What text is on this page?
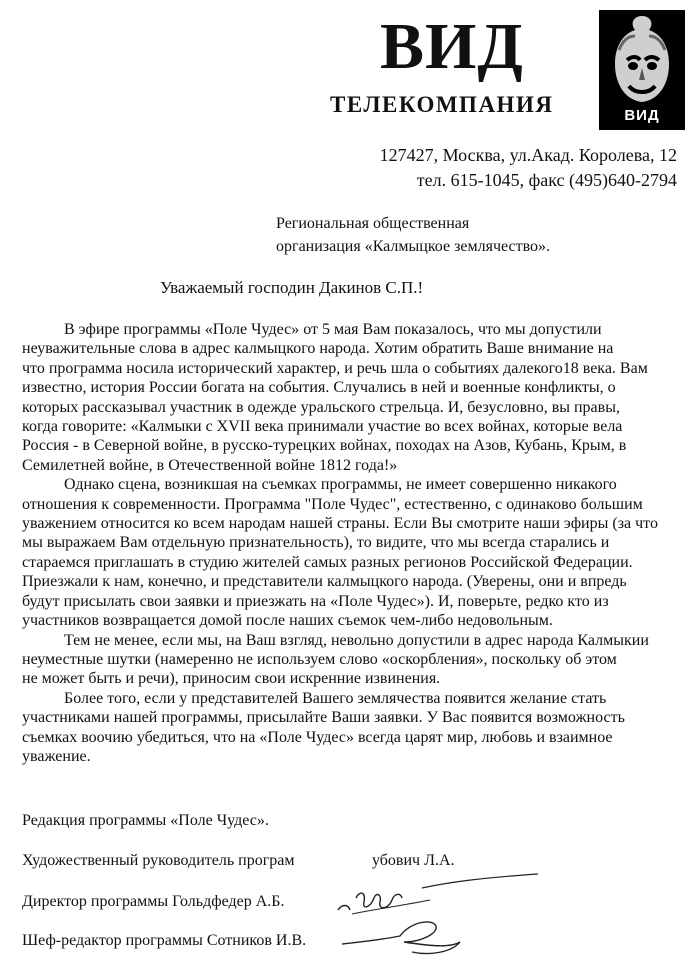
ВИД
ТЕЛЕКОМПАНИЯ	ВИД
127427, Москва, ул.Акад. Королева, 12
тел. 615-1045, факс (495)640-2794
Региональная общественная
организация «Калмыцкое землячество».
Уважаемый господин Дакинов С.П.!

В эфире программы «Поле Чудес» от 5 мая Вам показалось, что мы допустили

неуважительные слова в адрес калмыцкого народа. Хотим обратить Ваше внимание на

что программа носила исторический характер, и речь шла о событиях далекого18 века. Вам

известно, история России богата на события. Случались в ней и военные конфликты, о

которых рассказывал участник в одежде уральского стрельца. И, безусловно, вы правы,

когда говорите: «Калмыки с XVII века принимали участие во всех войнах, которые вела

Россия - в Северной войне, в русско-турецких войнах, походах на Азов, Кубань, Крым, в

Семилетней войне, в Отечественной войне 1812 года!»

Однако сцена, возникшая на съемках программы, не имеет совершенно никакого

отношения к современности. Программа "Поле Чудес", естественно, с одинаково большим

уважением относится ко всем народам нашей страны. Если Вы смотрите наши эфиры (за что

мы выражаем Вам отдельную признательность), то видите, что мы всегда старались и

стараемся приглашать в студию жителей самых разных регионов Российской Федерации.

Приезжали к нам, конечно, и представители калмыцкого народа. (Уверены, они и впредь

будут присылать свои заявки и приезжать на «Поле Чудес»). И, поверьте, редко кто из

участников возвращается домой после наших съемок чем-либо недовольным.

Тем не менее, если мы, на Ваш взгляд, невольно допустили в адрес народа Калмыкии

неуместные шутки (намеренно не используем слово «оскорбления», поскольку об этом

не может быть и речи), приносим свои искренние извинения.

Более того, если у представителей Вашего землячества появится желание стать

участниками нашей программы, присылайте Ваши заявки. У Вас появится возможность

съемках воочию убедиться, что на «Поле Чудес» всегда царят мир, любовь и взаимное

уважение.

Редакция программы «Поле Чудес».
Художественный руководитель програм	убович Л.А.
Директор программы Гольдфедер А.Б.
Шеф-редактор программы Сотников И.В.
